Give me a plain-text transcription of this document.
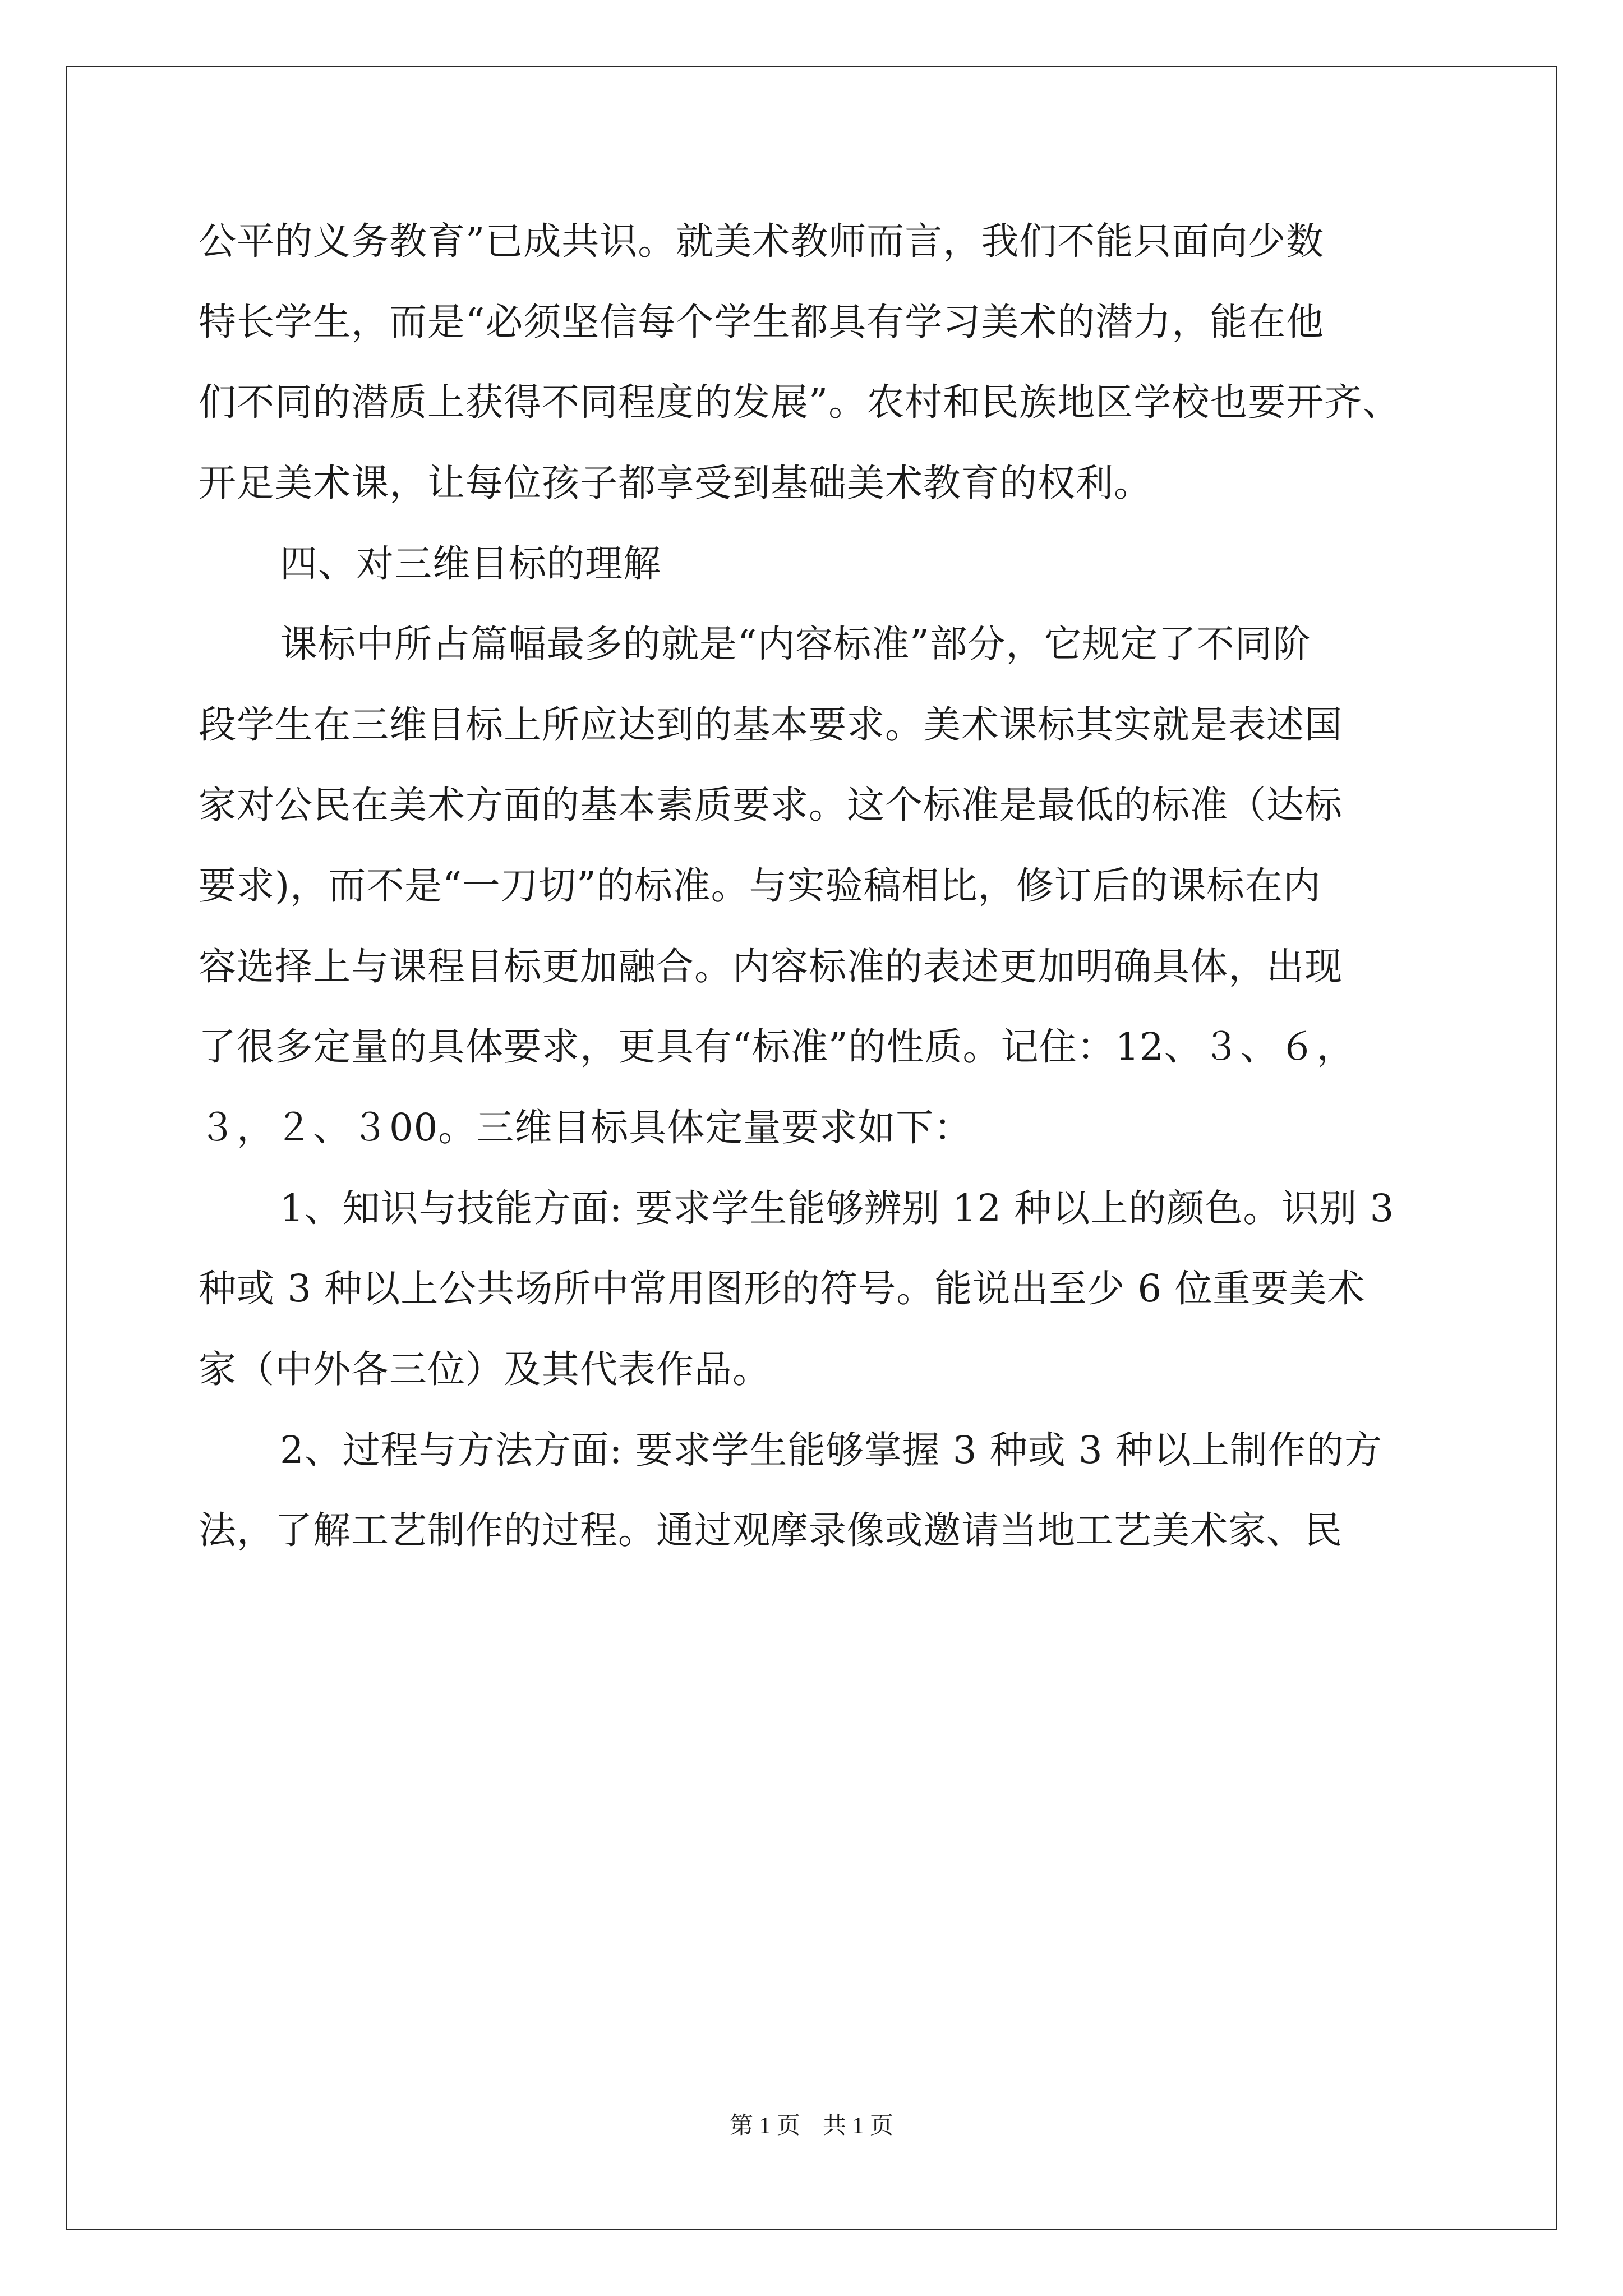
公平的义务教育”已成共识。就美术教师而言，我们不能只面向少数
特长学生，而是“必须坚信每个学生都具有学习美术的潜力，能在他
们不同的潜质上获得不同程度的发展”。农村和民族地区学校也要开齐、
开足美术课，让每位孩子都享受到基础美术教育的权利。
四、对三维目标的理解
课标中所占篇幅最多的就是“内容标准”部分，它规定了不同阶
段学生在三维目标上所应达到的基本要求。美术课标其实就是表述国
家对公民在美术方面的基本素质要求。这个标准是最低的标准（达标
要求)，而不是“一刀切”的标准。与实验稿相比，修订后的课标在内
容选择上与课程目标更加融合。内容标准的表述更加明确具体，出现
了很多定量的具体要求，更具有“标准”的性质。记住：12、３、６，
３，２、３00。三维目标具体定量要求如下：
1、知识与技能方面: 要求学生能够辨别 12 种以上的颜色。识别 3
种或 3 种以上公共场所中常用图形的符号。能说出至少 6 位重要美术
家（中外各三位）及其代表作品。
2、过程与方法方面: 要求学生能够掌握 3 种或 3 种以上制作的方
法，了解工艺制作的过程。通过观摩录像或邀请当地工艺美术家、民
第 1 页 共 1 页
